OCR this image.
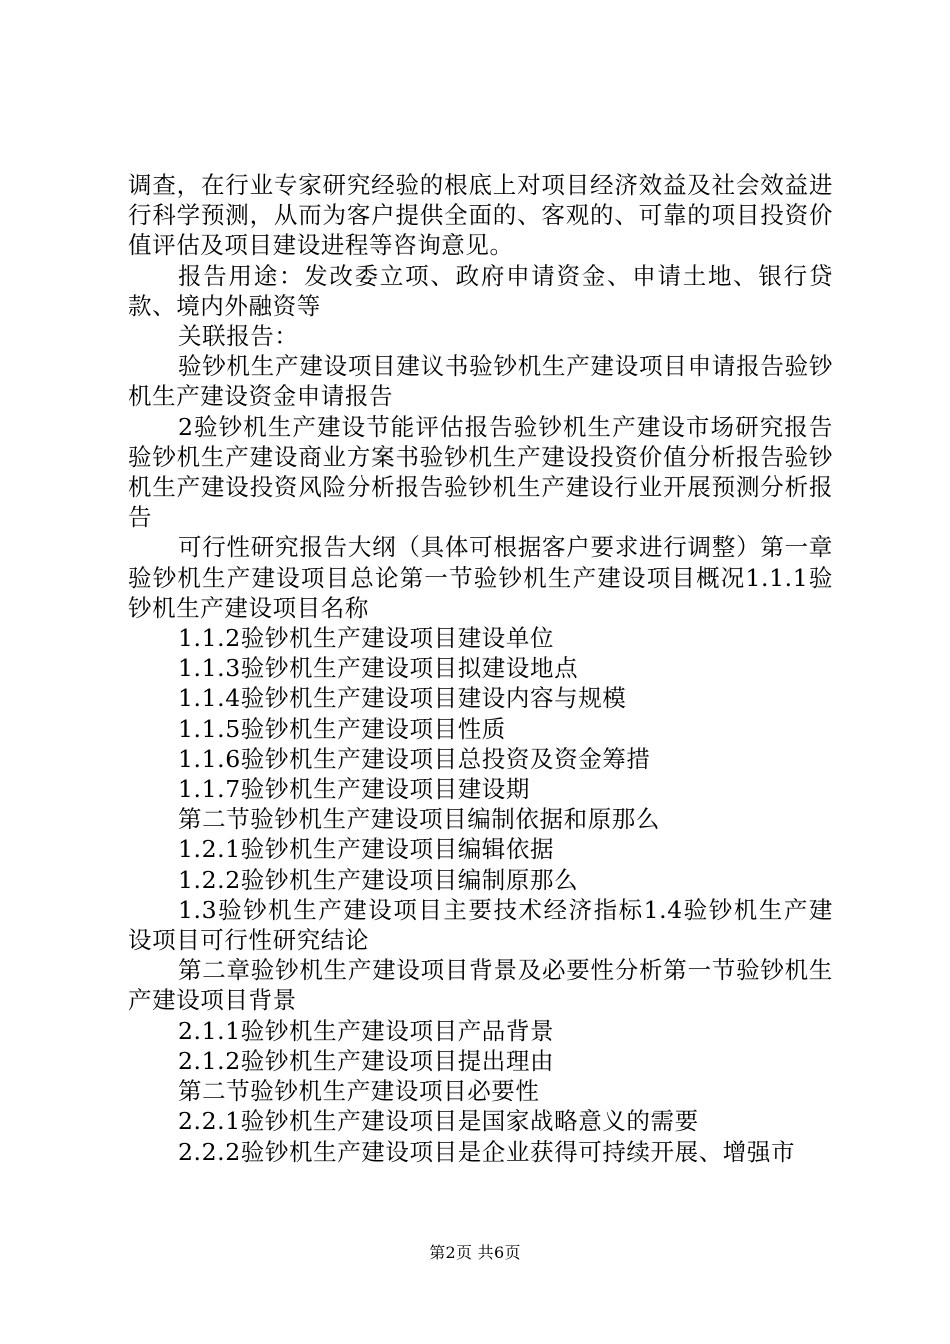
调查，在行业专家研究经验的根底上对项目经济效益及社会效益进行科学预测，从而为客户提供全面的、客观的、可靠的项目投资价值评估及项目建设进程等咨询意见。

报告用途：发改委立项、政府申请资金、申请土地、银行贷款、境内外融资等

关联报告：

验钞机生产建设项目建议书验钞机生产建设项目申请报告验钞机生产建设资金申请报告

2验钞机生产建设节能评估报告验钞机生产建设市场研究报告验钞机生产建设商业方案书验钞机生产建设投资价值分析报告验钞机生产建设投资风险分析报告验钞机生产建设行业开展预测分析报告

可行性研究报告大纲（具体可根据客户要求进行调整）第一章验钞机生产建设项目总论第一节验钞机生产建设项目概况1.1.1验钞机生产建设项目名称

1.1.2验钞机生产建设项目建设单位

1.1.3验钞机生产建设项目拟建设地点

1.1.4验钞机生产建设项目建设内容与规模

1.1.5验钞机生产建设项目性质

1.1.6验钞机生产建设项目总投资及资金筹措

1.1.7验钞机生产建设项目建设期

第二节验钞机生产建设项目编制依据和原那么

1.2.1验钞机生产建设项目编辑依据

1.2.2验钞机生产建设项目编制原那么

1.3验钞机生产建设项目主要技术经济指标1.4验钞机生产建设项目可行性研究结论

第二章验钞机生产建设项目背景及必要性分析第一节验钞机生产建设项目背景

2.1.1验钞机生产建设项目产品背景

2.1.2验钞机生产建设项目提出理由

第二节验钞机生产建设项目必要性

2.2.1验钞机生产建设项目是国家战略意义的需要

2.2.2验钞机生产建设项目是企业获得可持续开展、增强市

第2页 共6页
